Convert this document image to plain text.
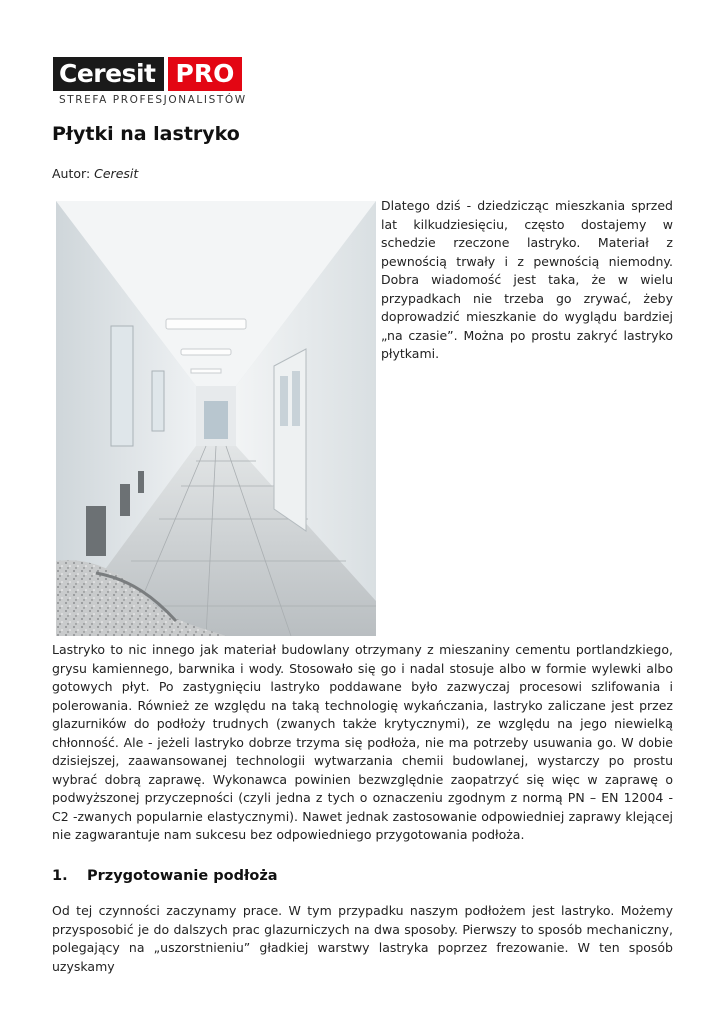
Ceresit PRO
STREFA PROFESJONALISTÓW
Płytki na lastryko
Autor: Ceresit

Dlatego dziś - dziedzicząc mieszkania sprzed lat kilkudziesięciu, często dostajemy w schedzie rzeczone lastryko. Materiał z pewnością trwały i z pewnością niemodny. Dobra wiadomość jest taka, że w wielu przypadkach nie trzeba go zrywać, żeby doprowadzić mieszkanie do wyglądu bardziej „na czasie”. Można po prostu zakryć lastryko płytkami.

Lastryko to nic innego jak materiał budowlany otrzymany z mieszaniny cementu portlandzkiego, grysu kamiennego, barwnika i wody. Stosowało się go i nadal stosuje albo w formie wylewki albo gotowych płyt. Po zastygnięciu lastryko poddawane było zazwyczaj procesowi szlifowania i polerowania. Również ze względu na taką technologię wykańczania, lastryko zaliczane jest przez glazurników do podłoży trudnych (zwanych także krytycznymi), ze względu na jego niewielką chłonność. Ale - jeżeli lastryko dobrze trzyma się podłoża, nie ma potrzeby usuwania go. W dobie dzisiejszej, zaawansowanej technologii wytwarzania chemii budowlanej, wystarczy po prostu wybrać dobrą zaprawę. Wykonawca powinien bezwzględnie zaopatrzyć się więc w zaprawę o podwyższonej przyczepności (czyli jedna z tych o oznaczeniu zgodnym z normą PN – EN 12004 - C2 -zwanych popularnie elastycznymi). Nawet jednak zastosowanie odpowiedniej zaprawy klejącej nie zagwarantuje nam sukcesu bez odpowiedniego przygotowania podłoża.

1. Przygotowanie podłoża

Od tej czynności zaczynamy prace. W tym przypadku naszym podłożem jest lastryko. Możemy przysposobić je do dalszych prac glazurniczych na dwa sposoby. Pierwszy to sposób mechaniczny, polegający na „uszorstnieniu” gładkiej warstwy lastryka poprzez frezowanie. W ten sposób uzyskamy
